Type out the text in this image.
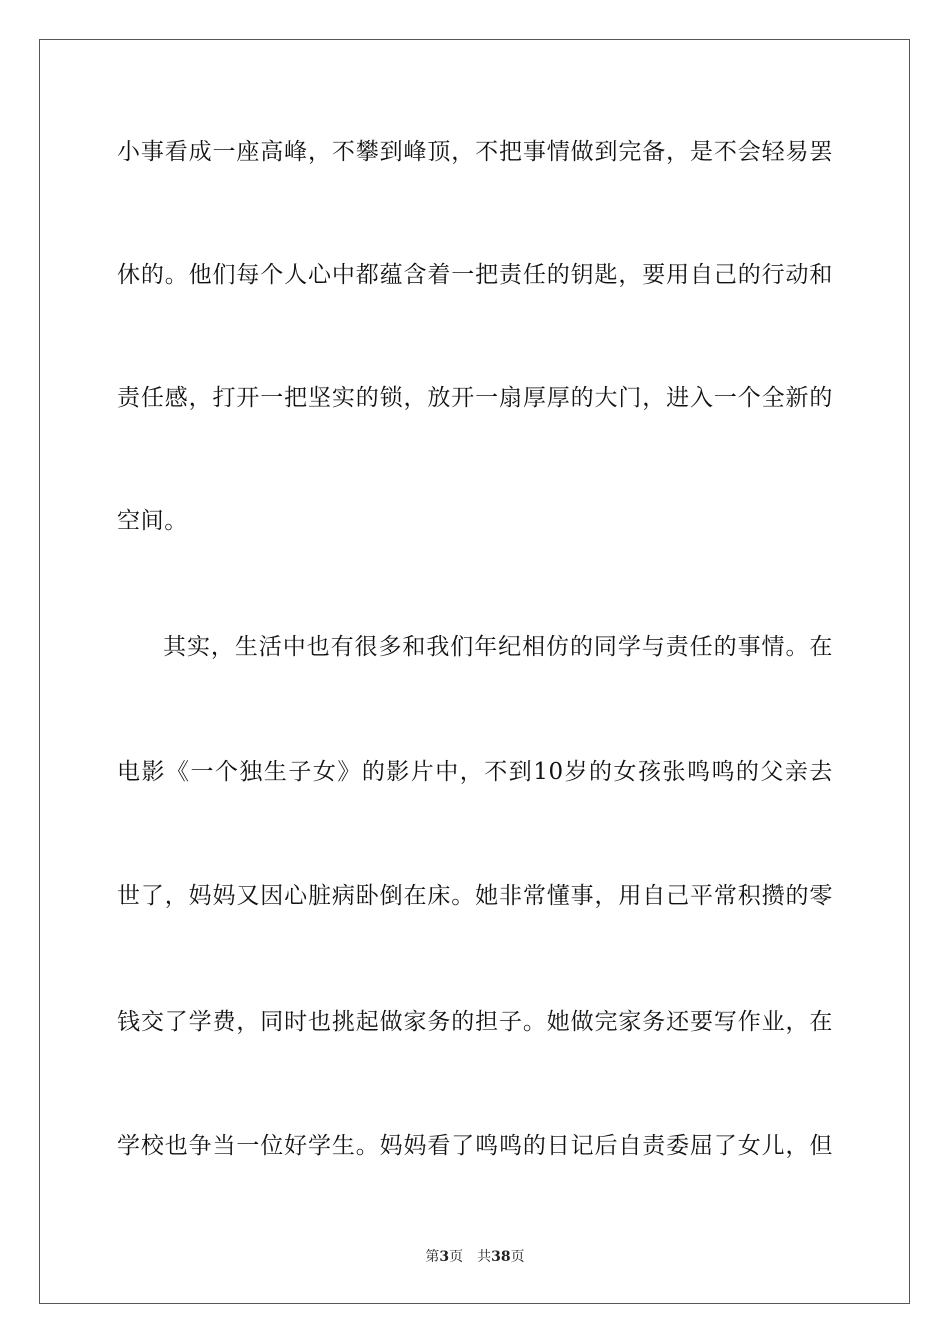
小事看成一座高峰，不攀到峰顶，不把事情做到完备，是不会轻易罢
休的。他们每个人心中都蕴含着一把责任的钥匙，要用自己的行动和
责任感，打开一把坚实的锁，放开一扇厚厚的大门，进入一个全新的
空间。
其实，生活中也有很多和我们年纪相仿的同学与责任的事情。在
电影《一个独生子女》的影片中，不到10岁的女孩张鸣鸣的父亲去
世了，妈妈又因心脏病卧倒在床。她非常懂事，用自己平常积攒的零
钱交了学费，同时也挑起做家务的担子。她做完家务还要写作业，在
学校也争当一位好学生。妈妈看了鸣鸣的日记后自责委屈了女儿，但
第3页 共38页
